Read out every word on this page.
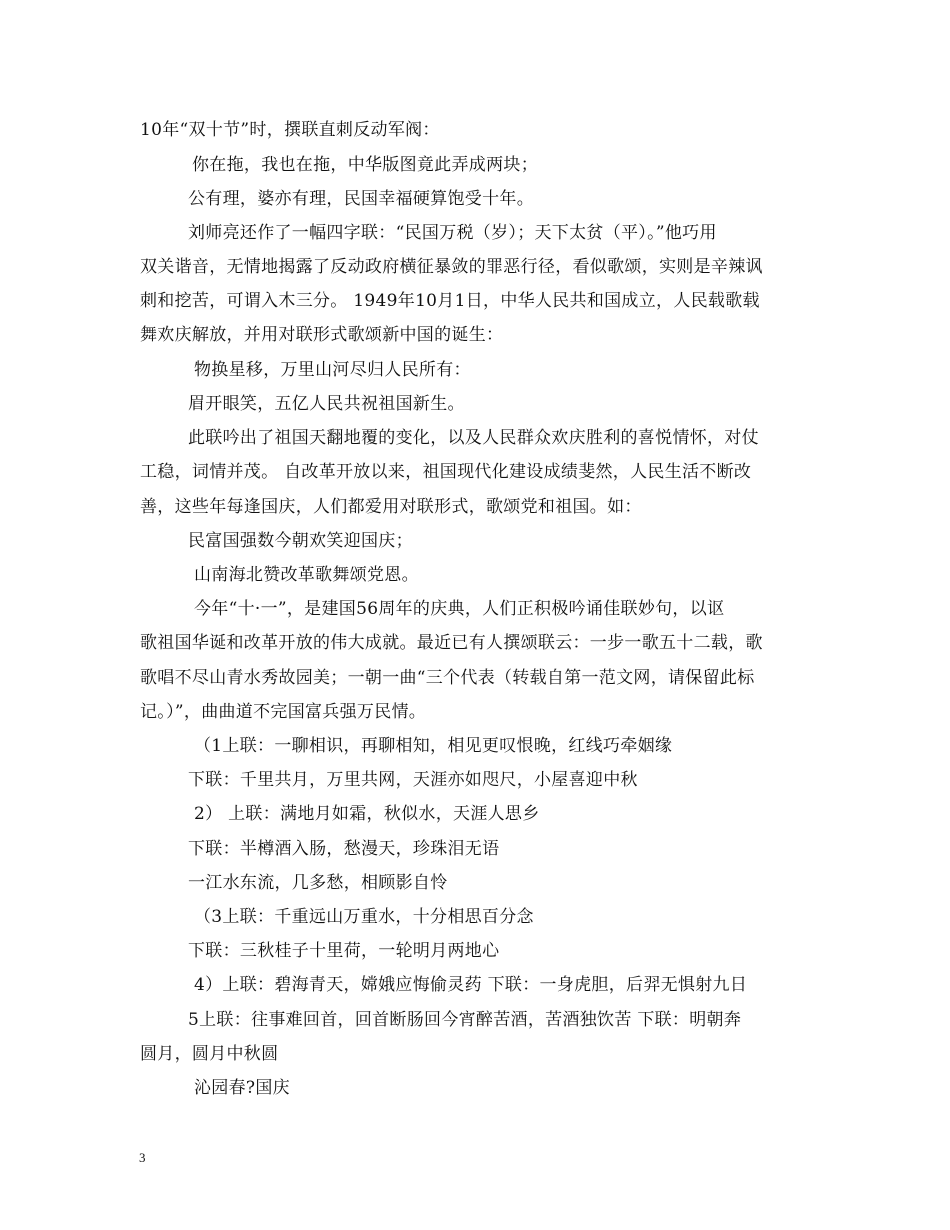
10年“双十节”时，撰联直刺反动军阀：
你在拖，我也在拖，中华版图竟此弄成两块；
公有理，婆亦有理，民国幸福硬算饱受十年。
刘师亮还作了一幅四字联：“民国万税（岁）；天下太贫（平）。”他巧用
双关谐音，无情地揭露了反动政府横征暴敛的罪恶行径，看似歌颂，实则是辛辣讽
刺和挖苦，可谓入木三分。 1949年10月1日，中华人民共和国成立，人民载歌载
舞欢庆解放，并用对联形式歌颂新中国的诞生：
物换星移，万里山河尽归人民所有：
眉开眼笑，五亿人民共祝祖国新生。
此联吟出了祖国天翻地覆的变化，以及人民群众欢庆胜利的喜悦情怀，对仗
工稳，词情并茂。 自改革开放以来，祖国现代化建设成绩斐然，人民生活不断改
善，这些年每逢国庆，人们都爱用对联形式，歌颂党和祖国。如：
民富国强数今朝欢笑迎国庆；
山南海北赞改革歌舞颂党恩。
今年“十·一”，是建国56周年的庆典，人们正积极吟诵佳联妙句，以讴
歌祖国华诞和改革开放的伟大成就。最近已有人撰颂联云：一步一歌五十二载，歌
歌唱不尽山青水秀故园美；一朝一曲“三个代表（转载自第一范文网，请保留此标
记。）”，曲曲道不完国富兵强万民情。
（1上联：一聊相识，再聊相知，相见更叹恨晚，红线巧牵姻缘
下联：千里共月，万里共网，天涯亦如咫尺，小屋喜迎中秋
2） 上联：满地月如霜，秋似水，天涯人思乡
下联：半樽酒入肠，愁漫天，珍珠泪无语
一江水东流，几多愁，相顾影自怜
（3上联：千重远山万重水，十分相思百分念
下联：三秋桂子十里荷，一轮明月两地心
4）上联：碧海青天，嫦娥应悔偷灵药 下联：一身虎胆，后羿无惧射九日
5上联：往事难回首，回首断肠回今宵醉苦酒，苦酒独饮苦 下联：明朝奔
圆月，圆月中秋圆
沁园春?国庆
3
